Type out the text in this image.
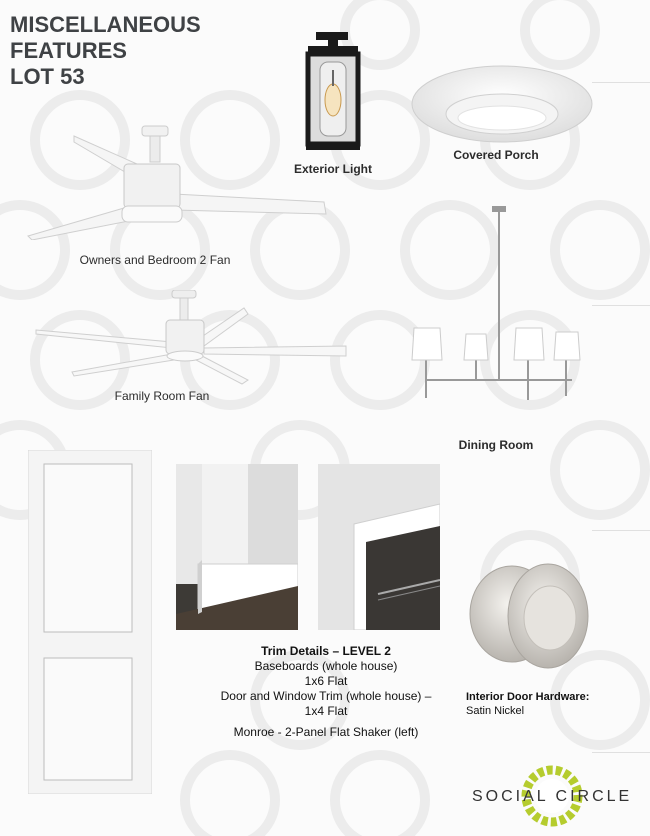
MISCELLANEOUS
FEATURES
LOT 53
Exterior Light
Covered Porch
Owners and Bedroom 2 Fan
Family Room Fan
Dining Room
Trim Details – LEVEL 2
Baseboards (whole house)
1x6 Flat
Door and Window Trim (whole house) –
1x4 Flat
Monroe - 2-Panel Flat Shaker (left)
Interior Door Hardware:
Satin Nickel
SOCIAL CIRCLE
